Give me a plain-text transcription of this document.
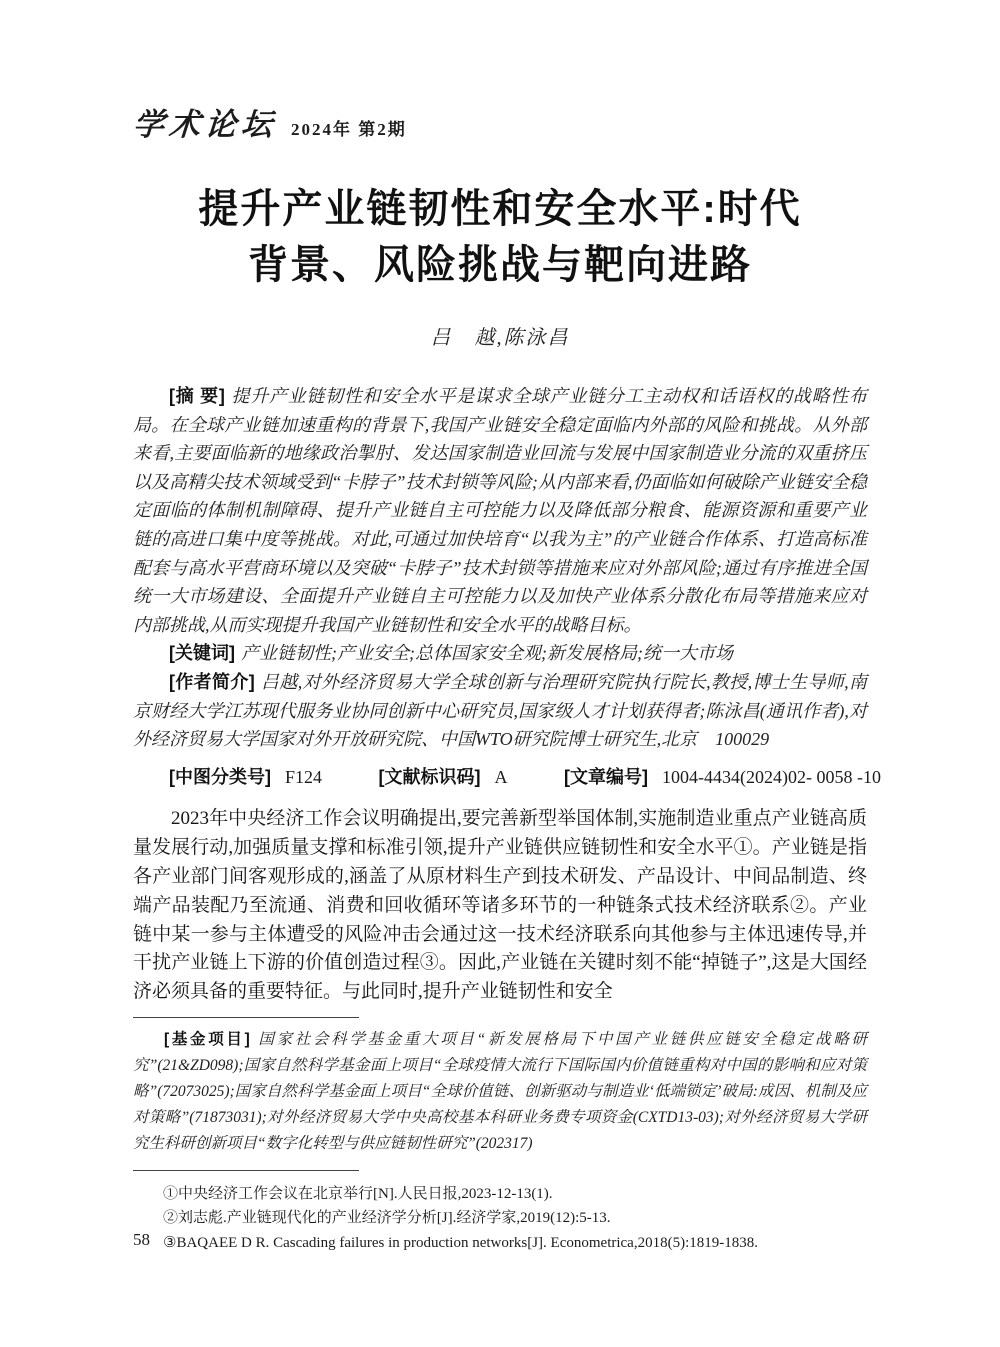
学术论坛 2024年 第2期
提升产业链韧性和安全水平:时代
背景、风险挑战与靶向进路
吕　越,陈泳昌

[摘 要] 提升产业链韧性和安全水平是谋求全球产业链分工主动权和话语权的战略性布局。在全球产业链加速重构的背景下,我国产业链安全稳定面临内外部的风险和挑战。从外部来看,主要面临新的地缘政治掣肘、发达国家制造业回流与发展中国家制造业分流的双重挤压以及高精尖技术领域受到“卡脖子”技术封锁等风险;从内部来看,仍面临如何破除产业链安全稳定面临的体制机制障碍、提升产业链自主可控能力以及降低部分粮食、能源资源和重要产业链的高进口集中度等挑战。对此,可通过加快培育“以我为主”的产业链合作体系、打造高标准配套与高水平营商环境以及突破“卡脖子”技术封锁等措施来应对外部风险;通过有序推进全国统一大市场建设、全面提升产业链自主可控能力以及加快产业体系分散化布局等措施来应对内部挑战,从而实现提升我国产业链韧性和安全水平的战略目标。

[关键词] 产业链韧性;产业安全;总体国家安全观;新发展格局;统一大市场

[作者简介] 吕越,对外经济贸易大学全球创新与治理研究院执行院长,教授,博士生导师,南京财经大学江苏现代服务业协同创新中心研究员,国家级人才计划获得者;陈泳昌(通讯作者),对外经济贸易大学国家对外开放研究院、中国WTO研究院博士研究生,北京　100029

[中图分类号] F124	[文献标识码] A	[文章编号] 1004-4434(2024)02- 0058 -10

2023年中央经济工作会议明确提出,要完善新型举国体制,实施制造业重点产业链高质量发展行动,加强质量支撑和标准引领,提升产业链供应链韧性和安全水平①。产业链是指各产业部门间客观形成的,涵盖了从原材料生产到技术研发、产品设计、中间品制造、终端产品装配乃至流通、消费和回收循环等诸多环节的一种链条式技术经济联系②。产业链中某一参与主体遭受的风险冲击会通过这一技术经济联系向其他参与主体迅速传导,并干扰产业链上下游的价值创造过程③。因此,产业链在关键时刻不能“掉链子”,这是大国经济必须具备的重要特征。与此同时,提升产业链韧性和安全

[基金项目] 国家社会科学基金重大项目“新发展格局下中国产业链供应链安全稳定战略研究”(21&ZD098);国家自然科学基金面上项目“全球疫情大流行下国际国内价值链重构对中国的影响和应对策略”(72073025);国家自然科学基金面上项目“全球价值链、创新驱动与制造业‘低端锁定’破局:成因、机制及应对策略”(71873031);对外经济贸易大学中央高校基本科研业务费专项资金(CXTD13-03);对外经济贸易大学研究生科研创新项目“数字化转型与供应链韧性研究”(202317)

①中央经济工作会议在北京举行[N].人民日报,2023-12-13(1).

②刘志彪.产业链现代化的产业经济学分析[J].经济学家,2019(12):5-13.

③BAQAEE D R. Cascading failures in production networks[J]. Econometrica,2018(5):1819-1838.

58
